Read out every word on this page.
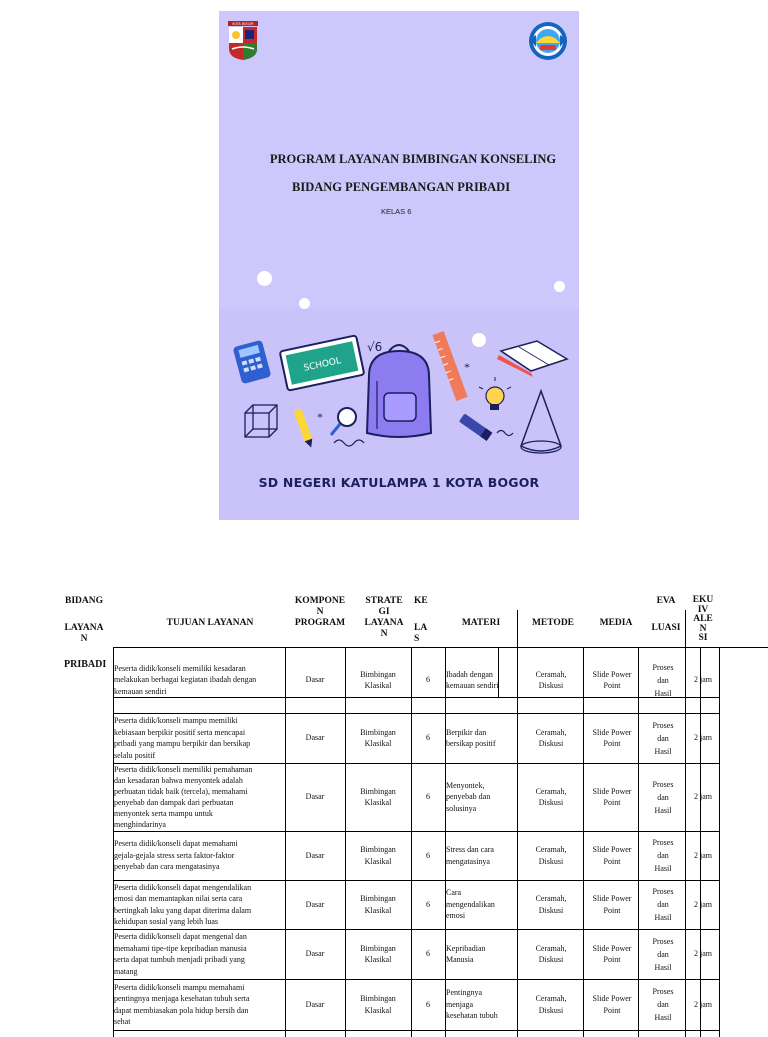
KOTA BOGOR
PROGRAM LAYANAN BIMBINGAN KONSELING
BIDANG PENGEMBANGAN PRIBADI
KELAS 6
SCHOOL
√6
*
*
SD NEGERI KATULAMPA 1 KOTA BOGOR
BIDANG
LAYANA
N
TUJUAN LAYANAN
KOMPONE
N
PROGRAM
STRATE
GI
LAYANA
N
KE
LA
S
MATERI	METODE	MEDIA
EVA
LUASI
EKU
IV
ALE
N
SI
PRIBADI Peserta didik/konseli memiliki kesadaran
melakukan berbagai kegiatan ibadah dengan
kemauan sendiri
Dasar
Bimbingan
Klasikal
6
Ibadah dengan
kemauan sendiri
Ceramah,
Diskusi
Slide Power
Point
Proses
dan
Hasil
2 jam
Peserta didik/konseli mampu memiliki
kebiasaan berpikir positif serta mencapai
pribadi yang mampu berpikir dan bersikap
selalu positif
Dasar
Bimbingan
Klasikal
6
Berpikir dan
bersikap positif
Ceramah,
Diskusi
Slide Power
Point
Proses
dan
Hasil
2 jam
Peserta didik/konseli memiliki pemahaman
dan kesadaran bahwa menyontek adalah
perbuatan tidak baik (tercela), memahami
penyebab dan dampak dari perbuatan
menyontek serta mampu untuk
menghindarinya
Dasar
Bimbingan
Klasikal
6
Menyontek,
penyebab dan
solusinya
Ceramah,
Diskusi
Slide Power
Point
Proses
dan
Hasil
2 jam
Peserta didik/konseli dapat memahami
gejala-gejala stress serta faktor-faktor
penyebab dan cara mengatasinya
Dasar
Bimbingan
Klasikal
6
Stress dan cara
mengatasinya
Ceramah,
Diskusi
Slide Power
Point
Proses
dan
Hasil
2 jam
Peserta didik/konseli dapat mengendalikan
emosi dan memantapkan nilai serta cara
bertingkah laku yang dapat diterima dalam
kehidupan sosial yang lebih luas
Dasar
Bimbingan
Klasikal
6
Cara
mengendalikan
emosi
Ceramah,
Diskusi
Slide Power
Point
Proses
dan
Hasil
2 jam
Peserta didik/konseli dapat mengenal dan
memahami tipe-tipe kepribadian manusia
serta dapat tumbuh menjadi pribadi yang
matang
Dasar
Bimbingan
Klasikal
6
Kepribadian
Manusia
Ceramah,
Diskusi
Slide Power
Point
Proses
dan
Hasil
2 jam
Peserta didik/konseli mampu memahami
pentingnya menjaga kesehatan tubuh serta
dapat membiasakan pola hidup bersih dan
sehat
Dasar
Bimbingan
Klasikal
6
Pentingnya
menjaga
kesehatan tubuh
Ceramah,
Diskusi
Slide Power
Point
Proses
dan
Hasil
2 jam
